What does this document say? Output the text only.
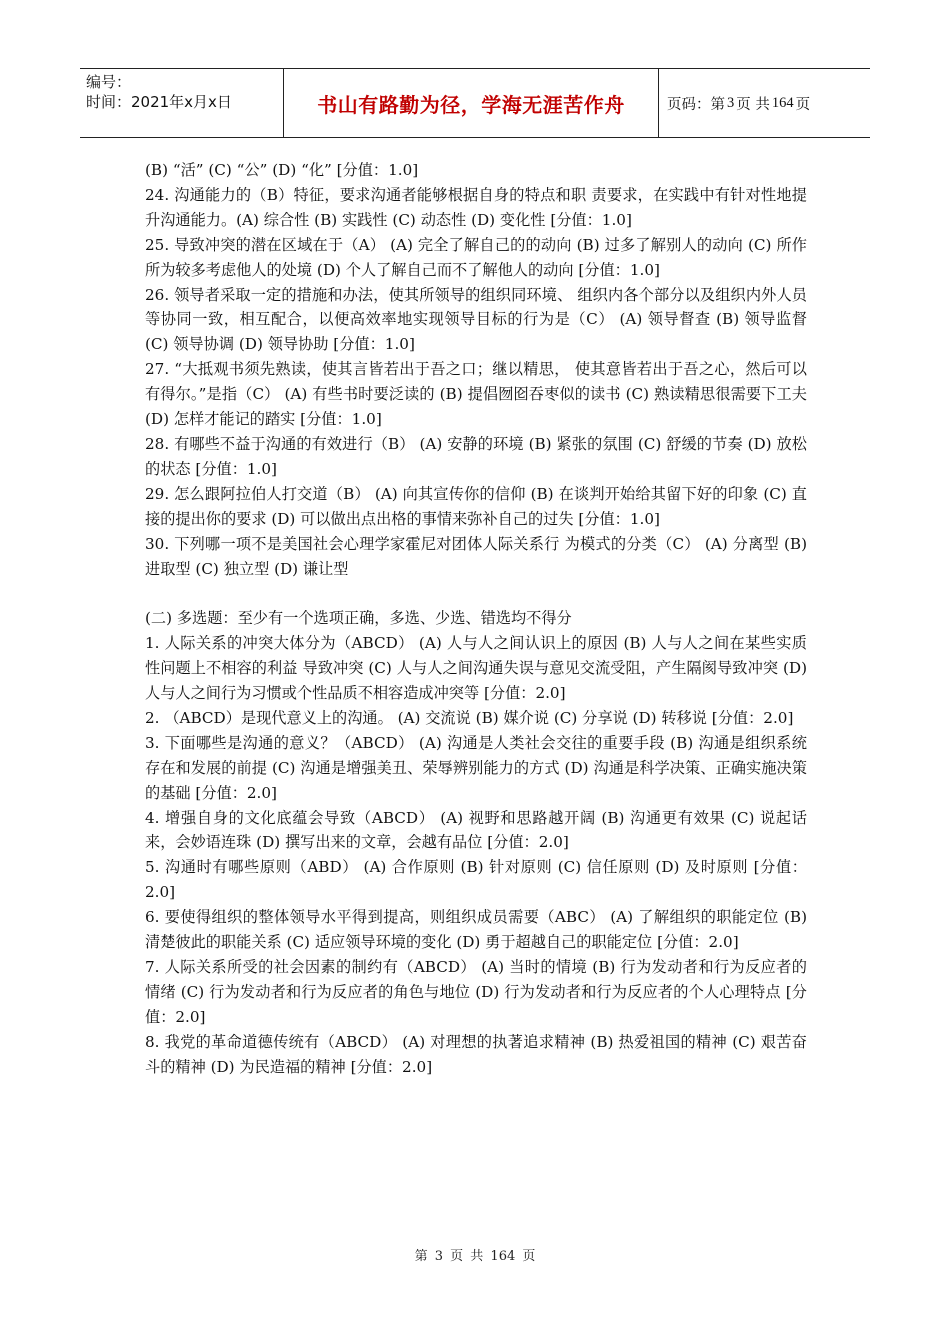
编号：
时间：2021年x月x日	书山有路勤为径，学海无涯苦作舟	页码：第 3 页 共 164 页

(B) “活” (C) “公” (D) “化” [分值：1.0]

24. 沟通能力的（B）特征，要求沟通者能够根据自身的特点和职 责要求，在实践中有针对性地提升沟通能力。(A) 综合性 (B) 实践性 (C) 动态性 (D) 变化性 [分值：1.0]

25. 导致冲突的潜在区域在于（A） (A) 完全了解自己的的动向 (B) 过多了解别人的动向 (C) 所作所为较多考虑他人的处境 (D) 个人了解自己而不了解他人的动向 [分值：1.0]

26. 领导者采取一定的措施和办法，使其所领导的组织同环境、 组织内各个部分以及组织内外人员等协同一致，相互配合，以便高效率地实现领导目标的行为是（C） (A) 领导督查 (B) 领导监督 (C) 领导协调 (D) 领导协助 [分值：1.0]

27. “大抵观书须先熟读，使其言皆若出于吾之口；继以精思， 使其意皆若出于吾之心，然后可以有得尔。”是指（C） (A) 有些书时要泛读的 (B) 提倡囫囵吞枣似的读书 (C) 熟读精思很需要下工夫 (D) 怎样才能记的踏实 [分值：1.0]

28. 有哪些不益于沟通的有效进行（B） (A) 安静的环境 (B) 紧张的氛围 (C) 舒缓的节奏 (D) 放松的状态 [分值：1.0]

29. 怎么跟阿拉伯人打交道（B） (A) 向其宣传你的信仰 (B) 在谈判开始给其留下好的印象 (C) 直接的提出你的要求 (D) 可以做出点出格的事情来弥补自己的过失 [分值：1.0]

30. 下列哪一项不是美国社会心理学家霍尼对团体人际关系行 为模式的分类（C） (A) 分离型 (B) 进取型 (C) 独立型 (D) 谦让型

(二) 多选题：至少有一个选项正确，多选、少选、错选均不得分

1. 人际关系的冲突大体分为（ABCD） (A) 人与人之间认识上的原因 (B) 人与人之间在某些实质性问题上不相容的利益 导致冲突 (C) 人与人之间沟通失误与意见交流受阻，产生隔阂导致冲突 (D) 人与人之间行为习惯或个性品质不相容造成冲突等 [分值：2.0]

2. （ABCD）是现代意义上的沟通。 (A) 交流说 (B) 媒介说 (C) 分享说 (D) 转移说 [分值：2.0]

3. 下面哪些是沟通的意义？（ABCD） (A) 沟通是人类社会交往的重要手段 (B) 沟通是组织系统存在和发展的前提 (C) 沟通是增强美丑、荣辱辨别能力的方式 (D) 沟通是科学决策、正确实施决策的基础 [分值：2.0]

4. 增强自身的文化底蕴会导致（ABCD） (A) 视野和思路越开阔 (B) 沟通更有效果 (C) 说起话来，会妙语连珠 (D) 撰写出来的文章，会越有品位 [分值：2.0]

5. 沟通时有哪些原则（ABD） (A) 合作原则 (B) 针对原则 (C) 信任原则 (D) 及时原则 [分值：2.0]

6. 要使得组织的整体领导水平得到提高，则组织成员需要（ABC） (A) 了解组织的职能定位 (B) 清楚彼此的职能关系 (C) 适应领导环境的变化 (D) 勇于超越自己的职能定位 [分值：2.0]

7. 人际关系所受的社会因素的制约有（ABCD） (A) 当时的情境 (B) 行为发动者和行为反应者的情绪 (C) 行为发动者和行为反应者的角色与地位 (D) 行为发动者和行为反应者的个人心理特点 [分值：2.0]

8. 我党的革命道德传统有（ABCD） (A) 对理想的执著追求精神 (B) 热爱祖国的精神 (C) 艰苦奋斗的精神 (D) 为民造福的精神 [分值：2.0]

第 3 页 共 164 页
